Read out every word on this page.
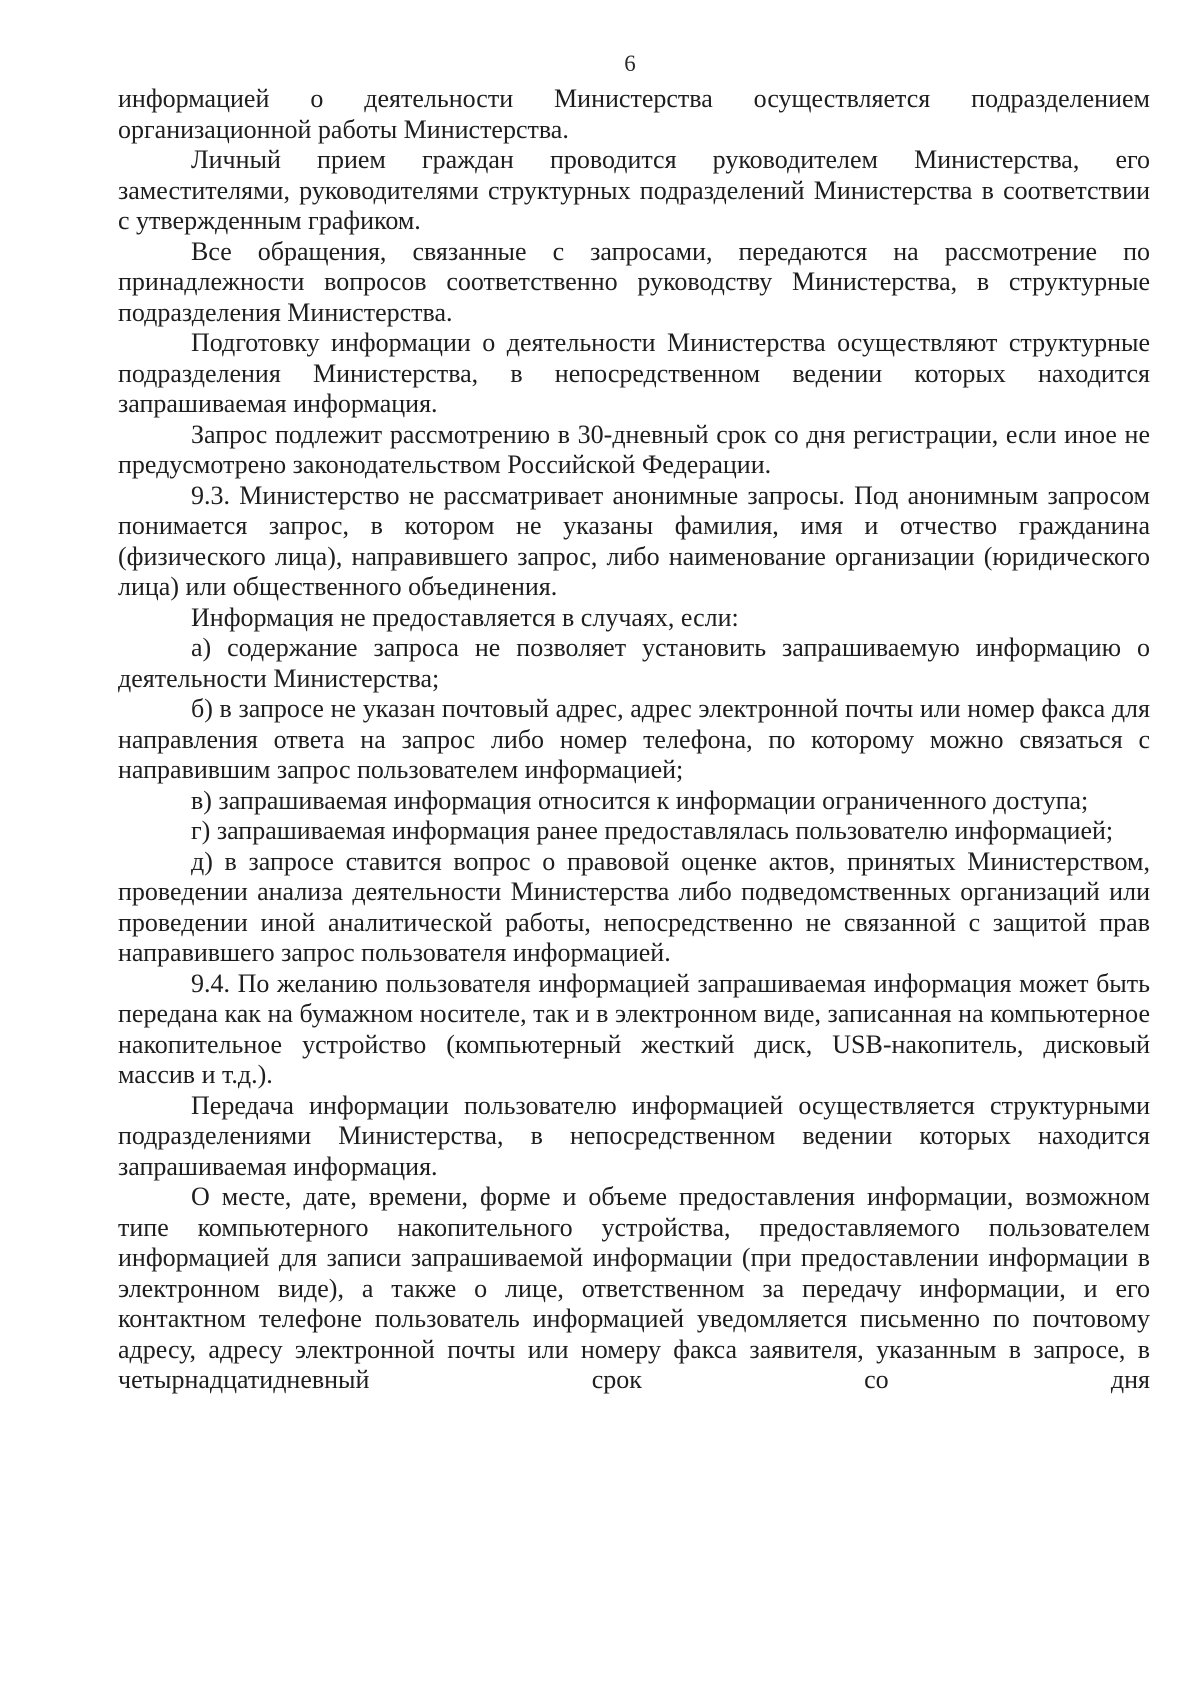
6

информацией о деятельности Министерства осуществляется подразделением организационной работы Министерства.

Личный прием граждан проводится руководителем Министерства, его заместителями, руководителями структурных подразделений Министерства в соответствии с утвержденным графиком.

Все обращения, связанные с запросами, передаются на рассмотрение по принадлежности вопросов соответственно руководству Министерства, в структурные подразделения Министерства.

Подготовку информации о деятельности Министерства осуществляют структурные подразделения Министерства, в непосредственном ведении которых находится запрашиваемая информация.

Запрос подлежит рассмотрению в 30-дневный срок со дня регистрации, если иное не предусмотрено законодательством Российской Федерации.

9.3. Министерство не рассматривает анонимные запросы. Под анонимным запросом понимается запрос, в котором не указаны фамилия, имя и отчество гражданина (физического лица), направившего запрос, либо наименование организации (юридического лица) или общественного объединения.

Информация не предоставляется в случаях, если:

а) содержание запроса не позволяет установить запрашиваемую информацию о деятельности Министерства;

б) в запросе не указан почтовый адрес, адрес электронной почты или номер факса для направления ответа на запрос либо номер телефона, по которому можно связаться с направившим запрос пользователем информацией;

в) запрашиваемая информация относится к информации ограниченного доступа;

г) запрашиваемая информация ранее предоставлялась пользователю информацией;

д) в запросе ставится вопрос о правовой оценке актов, принятых Министерством, проведении анализа деятельности Министерства либо подведомственных организаций или проведении иной аналитической работы, непосредственно не связанной с защитой прав направившего запрос пользователя информацией.

9.4. По желанию пользователя информацией запрашиваемая информация может быть передана как на бумажном носителе, так и в электронном виде, записанная на компьютерное накопительное устройство (компьютерный жесткий диск, USB-накопитель, дисковый массив и т.д.).

Передача информации пользователю информацией осуществляется структурными подразделениями Министерства, в непосредственном ведении которых находится запрашиваемая информация.

О месте, дате, времени, форме и объеме предоставления информации, возможном типе компьютерного накопительного устройства, предоставляемого пользователем информацией для записи запрашиваемой информации (при предоставлении информации в электронном виде), а также о лице, ответственном за передачу информации, и его контактном телефоне пользователь информацией уведомляется письменно по почтовому адресу, адресу электронной почты или номеру факса заявителя, указанным в запросе, в четырнадцатидневный срок со дня
